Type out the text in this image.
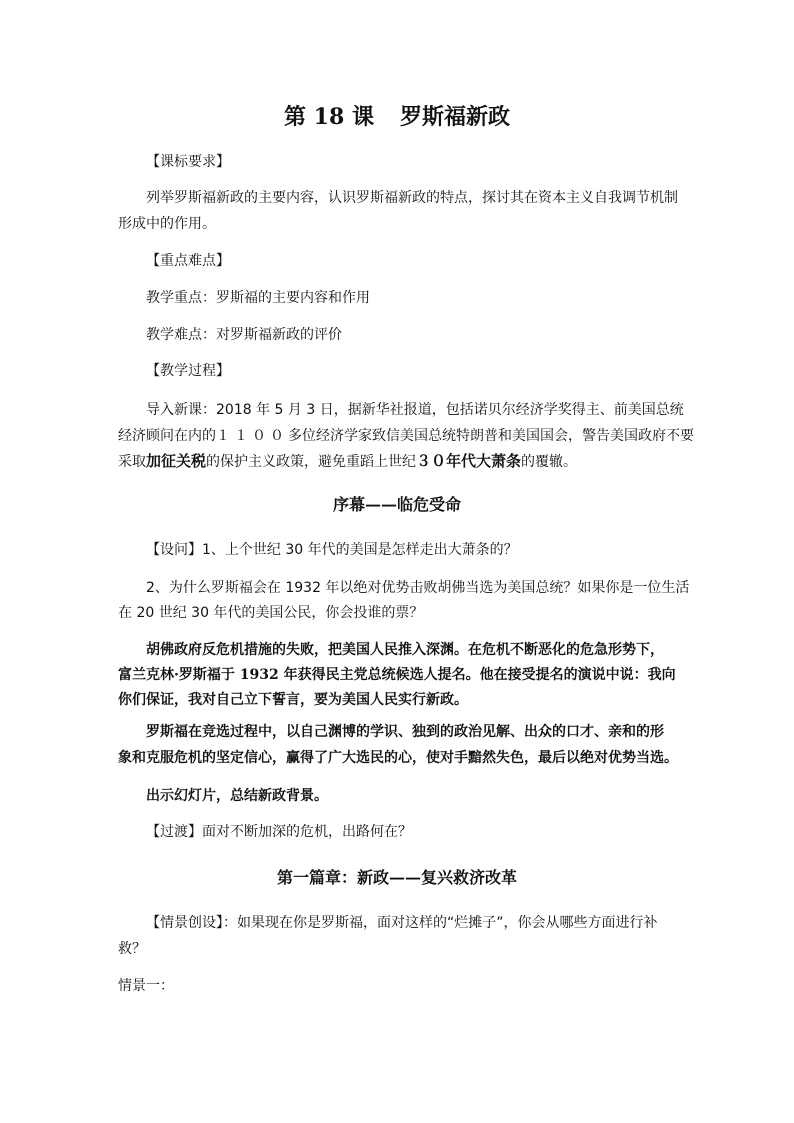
第 18 课 罗斯福新政

【课标要求】

列举罗斯福新政的主要内容，认识罗斯福新政的特点，探讨其在资本主义自我调节机制

形成中的作用。

【重点难点】

教学重点：罗斯福的主要内容和作用

教学难点：对罗斯福新政的评价

【教学过程】

导入新课：2018 年 5 月 3 日，据新华社报道，包括诺贝尔经济学奖得主、前美国总统

经济顾问在内的１１００多位经济学家致信美国总统特朗普和美国国会，警告美国政府不要

采取加征关税的保护主义政策，避免重蹈上世纪３０年代大萧条的覆辙。

序幕——临危受命

【设问】1、上个世纪 30 年代的美国是怎样走出大萧条的？

2、为什么罗斯福会在 1932 年以绝对优势击败胡佛当选为美国总统？如果你是一位生活

在 20 世纪 30 年代的美国公民，你会投谁的票？

胡佛政府反危机措施的失败，把美国人民推入深渊。在危机不断恶化的危急形势下，

富兰克林·罗斯福于 1932 年获得民主党总统候选人提名。他在接受提名的演说中说：我向

你们保证，我对自己立下誓言，要为美国人民实行新政。

罗斯福在竞选过程中，以自己渊博的学识、独到的政治见解、出众的口才、亲和的形

象和克服危机的坚定信心，赢得了广大选民的心，使对手黯然失色，最后以绝对优势当选。

出示幻灯片，总结新政背景。

【过渡】面对不断加深的危机，出路何在？

第一篇章：新政——复兴救济改革

【情景创设】：如果现在你是罗斯福，面对这样的“烂摊子”，你会从哪些方面进行补

救？

情景一：
